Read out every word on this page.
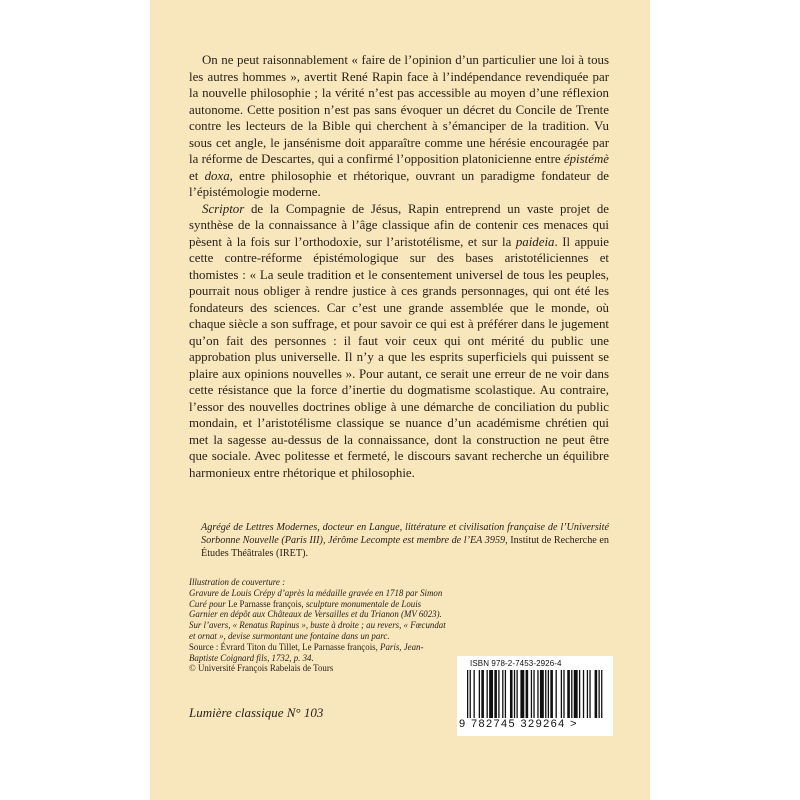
On ne peut raisonnablement « faire de l’opinion d’un particulier une loi à tous les autres hommes », avertit René Rapin face à l’indépendance revendiquée par la nouvelle philosophie ; la vérité n’est pas accessible au moyen d’une réflexion autonome. Cette position n’est pas sans évoquer un décret du Concile de Trente contre les lecteurs de la Bible qui cherchent à s’émanciper de la tradition. Vu sous cet angle, le jansénisme doit apparaître comme une hérésie encouragée par la réforme de Descartes, qui a confirmé l’opposition platonicienne entre épistémè et doxa, entre philosophie et rhétorique, ouvrant un paradigme fondateur de l’épistémologie moderne.

Scriptor de la Compagnie de Jésus, Rapin entreprend un vaste projet de synthèse de la connaissance à l’âge classique afin de contenir ces menaces qui pèsent à la fois sur l’orthodoxie, sur l’aristotélisme, et sur la paideia. Il appuie cette contre-réforme épistémologique sur des bases aristotéliciennes et thomistes : « La seule tradition et le consentement universel de tous les peuples, pourrait nous obliger à rendre justice à ces grands personnages, qui ont été les fondateurs des sciences. Car c’est une grande assemblée que le monde, où chaque siècle a son suffrage, et pour savoir ce qui est à préférer dans le jugement qu’on fait des personnes : il faut voir ceux qui ont mérité du public une approbation plus universelle. Il n’y a que les esprits superficiels qui puissent se plaire aux opinions nouvelles ». Pour autant, ce serait une erreur de ne voir dans cette résistance que la force d’inertie du dogmatisme scolastique. Au contraire, l’essor des nouvelles doctrines oblige à une démarche de conciliation du public mondain, et l’aristotélisme classique se nuance d’un académisme chrétien qui met la sagesse au-dessus de la connaissance, dont la construction ne peut être que sociale. Avec politesse et fermeté, le discours savant recherche un équilibre harmonieux entre rhétorique et philosophie.

Agrégé de Lettres Modernes, docteur en Langue, littérature et civilisation française de l’Université Sorbonne Nouvelle (Paris III), Jérôme Lecompte est membre de l’EA 3959, Institut de Recherche en Études Théâtrales (IRET).
Illustration de couverture :
Gravure de Louis Crépy d’après la médaille gravée en 1718 par Simon Curé pour Le Parnasse françois, sculpture monumentale de Louis Garnier en dépôt aux Châteaux de Versailles et du Trianon (MV 6023). Sur l’avers, « Renatus Rapinus », buste à droite ; au revers, « Fœcundat et ornat », devise surmontant une fontaine dans un parc.
Source : Évrard Titon du Tillet, Le Parnasse françois, Paris, Jean-Baptiste Coignard fils, 1732, p. 34.
© Université François Rabelais de Tours
Lumière classique N° 103
ISBN 978-2-7453-2926-4
9 782745 329264 >
